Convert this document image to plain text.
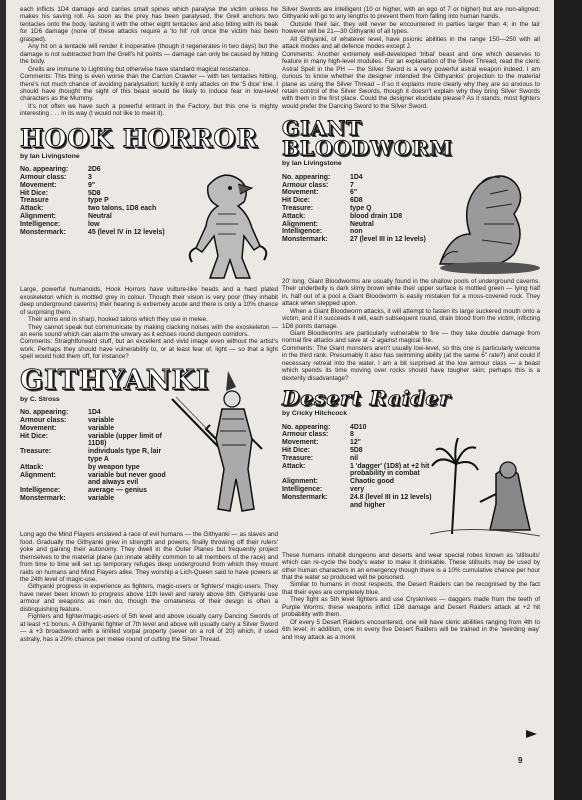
each inflicts 1D4 damage and carries small spines which paralyse the victim unless he makes his saving roll. As soon as the prey has been paralysed, the Grell anchors two tentacles onto the body, lashing it with the other eight tentacles and also biting with its beak for 1D6 damage (none of these attacks require a 'to hit' roll once the victim has been grasped).

Any hit on a tentacle will render it inoperative (though it regenerates in two days) but the damage is not subtracted from the Grell's hit points — damage can only be caused by hitting the body.

Grells are immune to Lightning but otherwise have standard magical resistance.

Comments: This thing is even worse than the Carrion Crawler — with ten tentacles hitting, there's not much chance of avoiding paralysation; luckily it only attacks on the '5 dice' line. I should have thought the sight of this beast would be likely to induce fear in low-level characters as the Mummy.

It's not often we have such a powerful entrant in the Factory, but this one is mighty interesting . . . in its way (I would not like to meet it).

HOOK HORROR
by Ian Livingstone
No. appearing:	2D6
Armour class:	3
Movement:	9"
Hit Dice:	5D8
Treasure	type P
Attack:	two talons, 1D8 each
Alignment:	Neutral
Intelligence:	low
Monstermark:	45 (level IV in 12 levels)

Large, powerful humanoids, Hook Horrors have vulture-like heads and a hard plated exoskeleton which is mottled grey in colour. Though their vision is very poor (they inhabit deep underground caverns) their hearing is extremely acute and there is only a 10% chance of surprising them.

Their arms end in sharp, hooked talons which they use in melee.

They cannot speak but communicate by making clacking noises with the exoskeleton — an eerie sound which can alarm the unwary as it echoes round dungeon corridors.

Comments: Straightforward stuff, but an excellent and vivid image even without the artist's work. Perhaps they should have vulnerability to, or at least fear of, light — so that a light spell would hold them off, for instance?

GITHYANKI
by C. Stross
No. appearing:	1D4
Armour class:	variable
Movement:	variable
Hit Dice:	variable (upper limit of 11D8)
Treasure:	individuals type R, lair type A
Attack:	by weapon type
Alignment:	variable but never good and always evil
Intelligence:	average — genius
Monstermark:	variable

Long ago the Mind Flayers enslaved a race of evil humans — the Githyanki — as slaves and food. Gradually the Githyanki grew in strength and powers, finally throwing off their rulers' yoke and gaining their autonomy. They dwell in the Outer Planes but frequently project themselves to the material plane (an innate ability common to all members of the race) and from time to time will set up temporary refuges deep underground from which they mount raids on humans and Mind Flayers alike. They worship a Lich-Queen said to have powers at the 24th level of magic-use.

Githyanki progress in experience as fighters, magic-users or fighters/ magic-users. They have never been known to progress above 11th level and rarely above 8th. Githyanki use armour and weapons as men do, though the ornateness of their design is often a distinguishing feature.

Fighters and fighter/magic-users of 5th level and above usually carry Dancing Swords of at least +1 bonus. A Githyanki fighter of 7th level and above will usually carry a Silver Sword — a +3 broadsword with a limited vorpal property (sever on a roll of 20) which, if used astrally, has a 20% chance per melee round of cutting the Silver Thread.

Silver Swords are intelligent (10 or higher, with an ego of 7 or higher) but are non-aligned; Githyanki will go to any lengths to prevent them from falling into human hands.

Outside their lair, they will never be encountered in parties larger than 4; in the lair however will be 21—30 Githyanki of all types.

All Githyanki, of whatever level, have psionic abilities in the range 150—250 with all attack modes and all defence modes except J.

Comments: Another extremely well-developed 'tribal' beast and one which deserves to feature in many high-level modules. For an explanation of the Silver Thread, read the cleric Astral Spell in the PH — the Silver Sword is a very powerful astral weapon indeed. I am curious to know whether the designer intended the Githyankis' projection to the material plane as using the Silver Thread – if so it explains more clearly why they are so anxious to retain control of the Silver Swords, though it doesn't explain why they bring Silver Swords with them in the first place. Could the designer elucidate please? As it stands, most fighters would prefer the Dancing Sword to the Silver Sword.

GIANT BLOODWORM
by Ian Livingstone
No. appearing:	1D4
Armour class:	7
Movement:	6"
Hit Dice:	6D8
Treasure:	type Q
Attack:	blood drain 1D8
Alignment:	Neutral
Intelligence:	non
Monstermark:	27 (level III in 12 levels)

20' long, Giant Bloodworms are usually found in the shallow pools of underground caverns. Their underbelly is dark slimy brown while their upper surface is mottled green — lying half in, half out of a pool a Giant Bloodworm is easily mistaken for a moss-covered rock. They attack when stepped upon.

When a Giant Bloodworm attacks, it will attempt to fasten its large suckered mouth onto a victim, and if it succeeds it will, each subsequent round, drain blood from the victim, inflicting 1D8 points damage.

Giant Bloodworms are particularly vulnerable to fire — they take double damage from normal fire attacks and save at -2 against magical fire.

Comments: The Giant monsters aren't usually low-level, so this one is particularly welcome in the third rank. Presumably it also has swimming ability (at the same 6" rate?) and could if necessary retreat into the water. I am a bit surprised at the low armour class — a beast which spends its time moving over rocks should have tougher skin; perhaps this is a dexterity disadvantage?

Desert Raider
by Cricky Hitchcock
No. appearing:	4D10
Armour class:	8
Movement:	12"
Hit Dice:	5D8
Treasure:	nil
Attack:	1 'dagger' (1D8) at +2 hit probability in combat
Alignment:	Chaotic good
Intelligence:	very
Monstermark:	24.8 (level III in 12 levels) and higher

These humans inhabit dungeons and deserts and wear special robes known as 'stillsuits' which can re-cycle the body's water to make it drinkable. These stillsuits may be used by other human characters in an emergency though there is a 10% cumulative chance per hour that the water so produced will be poisoned.

Similar to humans in most respects, the Desert Raiders can be recognised by the fact that their eyes are completely blue.

They fight as 5th level fighters and use Crysknives — daggers made from the teeth of Purple Worms; these weapons inflict 1D8 damage and Desert Raiders attack at +2 hit probability with them.

Of every 5 Desert Raiders encountered, one will have cleric abilities ranging from 4th to 6th level; in addition, one in every five Desert Raiders will be trained in the 'weirding way' and may attack as a monk

9
